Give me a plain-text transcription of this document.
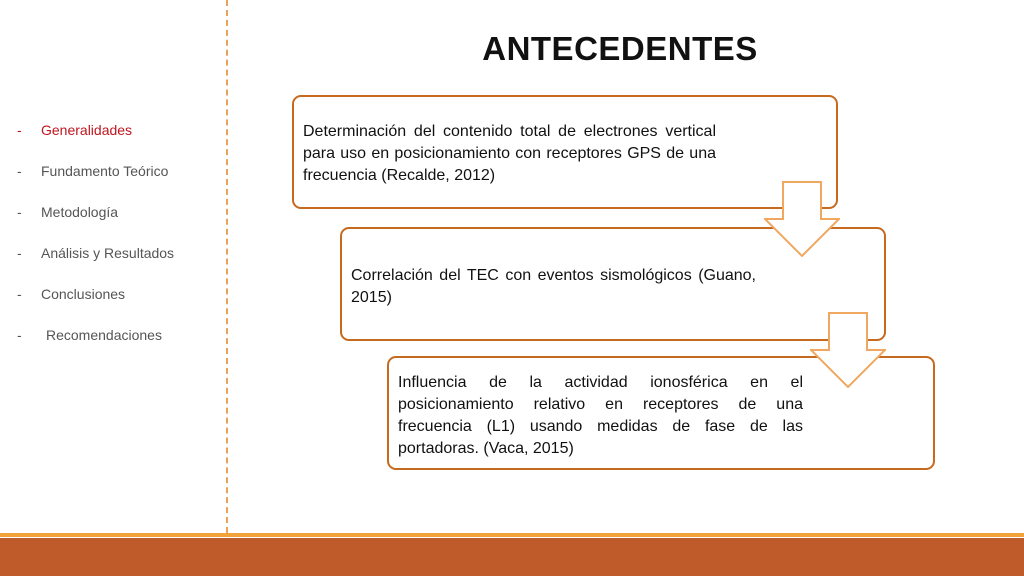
ANTECEDENTES
-	Generalidades
-	Fundamento Teórico
-	Metodología
-	Análisis y Resultados
-	Conclusiones
-	Recomendaciones
Determinación del contenido total de electrones vertical para uso en posicionamiento con receptores GPS de una frecuencia (Recalde, 2012)
Correlación del TEC con eventos sismológicos (Guano, 2015)
Influencia de la actividad ionosférica en el posicionamiento relativo en receptores de una frecuencia (L1) usando medidas de fase de las portadoras. (Vaca, 2015)
